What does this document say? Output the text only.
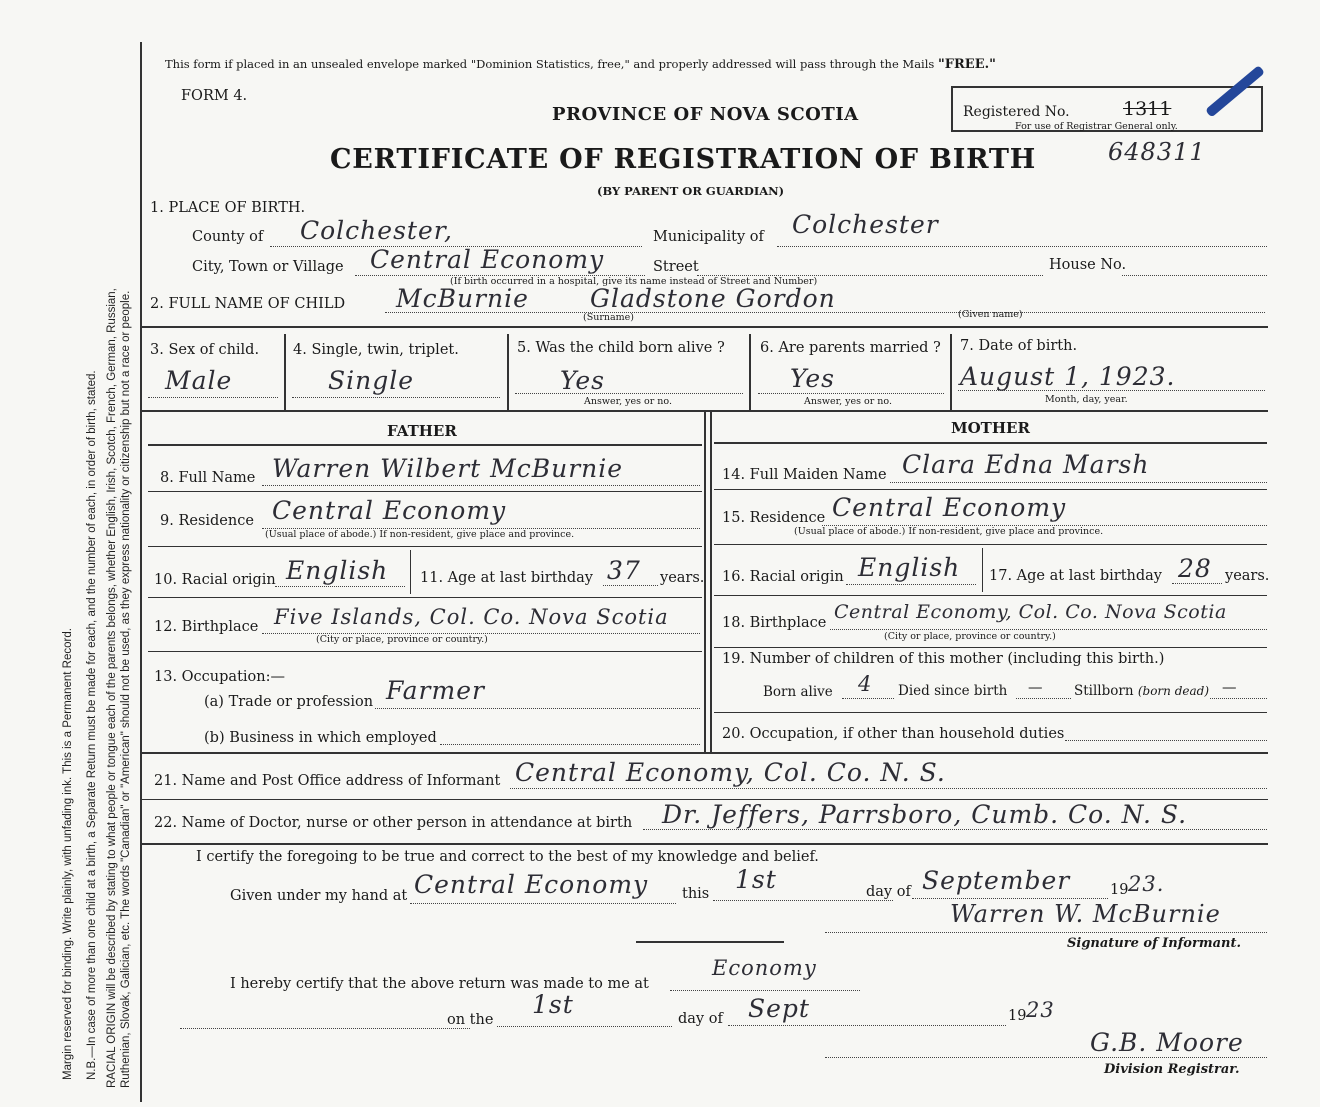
Margin reserved for binding. Write plainly, with unfading ink. This is a Permanent Record. N.B.—In case of more than one child at a birth, a Separate Return must be made for each, and the number of each, in order of birth, stated. RACIAL ORIGIN will be described by stating to what people or tongue each of the parents belongs, whether English, Irish, Scotch, French, German, Russian, Ruthenian, Slovak, Galician, etc. The words "Canadian" or "American" should not be used, as they express nationality or citizenship but not a race or people.
This form if placed in an unsealed envelope marked "Dominion Statistics, free," and properly addressed will pass through the Mails "FREE."
FORM 4.
PROVINCE OF NOVA SCOTIA	Registered No.	1311
For use of Registrar General only.
CERTIFICATE OF REGISTRATION OF BIRTH	648311
(BY PARENT OR GUARDIAN)
1. PLACE OF BIRTH.
County of Colchester,	Municipality of Colchester
City, Town or Village Central Economy	Street	House No.
(If birth occurred in a hospital, give its name instead of Street and Number)
2. FULL NAME OF CHILD McBurnie Gladstone Gordon
(Surname)	(Given name)
3. Sex of child.
Male
4. Single, twin, triplet.
Single
5. Was the child born alive ?
Yes
Answer, yes or no.
6. Are parents married ?
Yes
Answer, yes or no.
7. Date of birth.
August 1, 1923.
Month, day, year.
FATHER	MOTHER
8. Full Name Warren Wilbert McBurnie
9. Residence Central Economy
(Usual place of abode.) If non-resident, give place and province.
10. Racial origin English 11. Age at last birthday 37 years.
12. Birthplace Five Islands, Col. Co. Nova Scotia
(City or place, province or country.)
13. Occupation:—
(a) Trade or profession Farmer
(b) Business in which employed
14. Full Maiden Name Clara Edna Marsh
15. Residence Central Economy
(Usual place of abode.) If non-resident, give place and province.
16. Racial origin English 17. Age at last birthday 28 years.
18. Birthplace Central Economy, Col. Co. Nova Scotia
(City or place, province or country.)
19. Number of children of this mother (including this birth.)
Born alive 4 Died since birth — Stillborn (born dead) —
20. Occupation, if other than household duties
21. Name and Post Office address of Informant Central Economy, Col. Co. N. S.
22. Name of Doctor, nurse or other person in attendance at birth Dr. Jeffers, Parrsboro, Cumb. Co. N. S.
I certify the foregoing to be true and correct to the best of my knowledge and belief.
Given under my hand at Central Economy this 1st	day of September	19 23.
Warren W. McBurnie
Signature of Informant.
I hereby certify that the above return was made to me at
Economy
on the
1st	day of Sept	19 23
G.B. Moore
Division Registrar.
